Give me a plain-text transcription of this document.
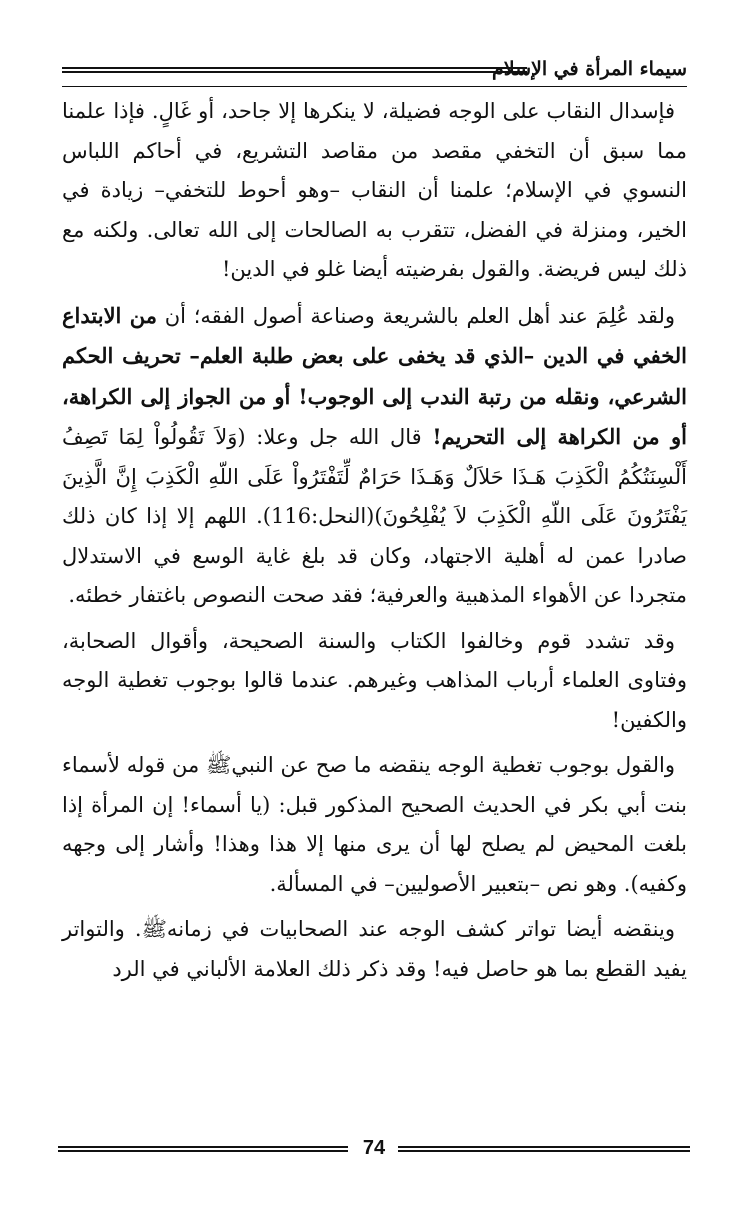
سيماء المرأة في الإسلام

فإسدال النقاب على الوجه فضيلة، لا ينكرها إلا جاحد، أو غَالٍ. فإذا علمنا مما سبق أن التخفي مقصد من مقاصد التشريع، في أحاكم اللباس النسوي في الإسلام؛ علمنا أن النقاب –وهو أحوط للتخفي– زيادة في الخير، ومنزلة في الفضل، تتقرب به الصالحات إلى الله تعالى. ولكنه مع ذلك ليس فريضة. والقول بفرضيته أيضا غلو في الدين!

ولقد عُلِمَ عند أهل العلم بالشريعة وصناعة أصول الفقه؛ أن من الابتداع الخفي في الدين –الذي قد يخفى على بعض طلبة العلم– تحريف الحكم الشرعي، ونقله من رتبة الندب إلى الوجوب! أو من الجواز إلى الكراهة، أو من الكراهة إلى التحريم! قال الله جل وعلا: (وَلاَ تَقُولُواْ لِمَا تَصِفُ أَلْسِنَتُكُمُ الْكَذِبَ هَـذَا حَلاَلٌ وَهَـذَا حَرَامٌ لِّتَفْتَرُواْ عَلَى اللّهِ الْكَذِبَ إِنَّ الَّذِينَ يَفْتَرُونَ عَلَى اللّهِ الْكَذِبَ لاَ يُفْلِحُونَ)(النحل:116). اللهم إلا إذا كان ذلك صادرا عمن له أهلية الاجتهاد، وكان قد بلغ غاية الوسع في الاستدلال متجردا عن الأهواء المذهبية والعرفية؛ فقد صحت النصوص باغتفار خطئه.

وقد تشدد قوم وخالفوا الكتاب والسنة الصحيحة، وأقوال الصحابة، وفتاوى العلماء أرباب المذاهب وغيرهم. عندما قالوا بوجوب تغطية الوجه والكفين!

والقول بوجوب تغطية الوجه ينقضه ما صح عن النبيﷺ من قوله لأسماء بنت أبي بكر في الحديث الصحيح المذكور قبل: (يا أسماء! إن المرأة إذا بلغت المحيض لم يصلح لها أن يرى منها إلا هذا وهذا! وأشار إلى وجهه وكفيه). وهو نص –بتعبير الأصوليين– في المسألة.

وينقضه أيضا تواتر كشف الوجه عند الصحابيات في زمانهﷺ. والتواتر يفيد القطع بما هو حاصل فيه! وقد ذكر ذلك العلامة الألباني في الرد

74
